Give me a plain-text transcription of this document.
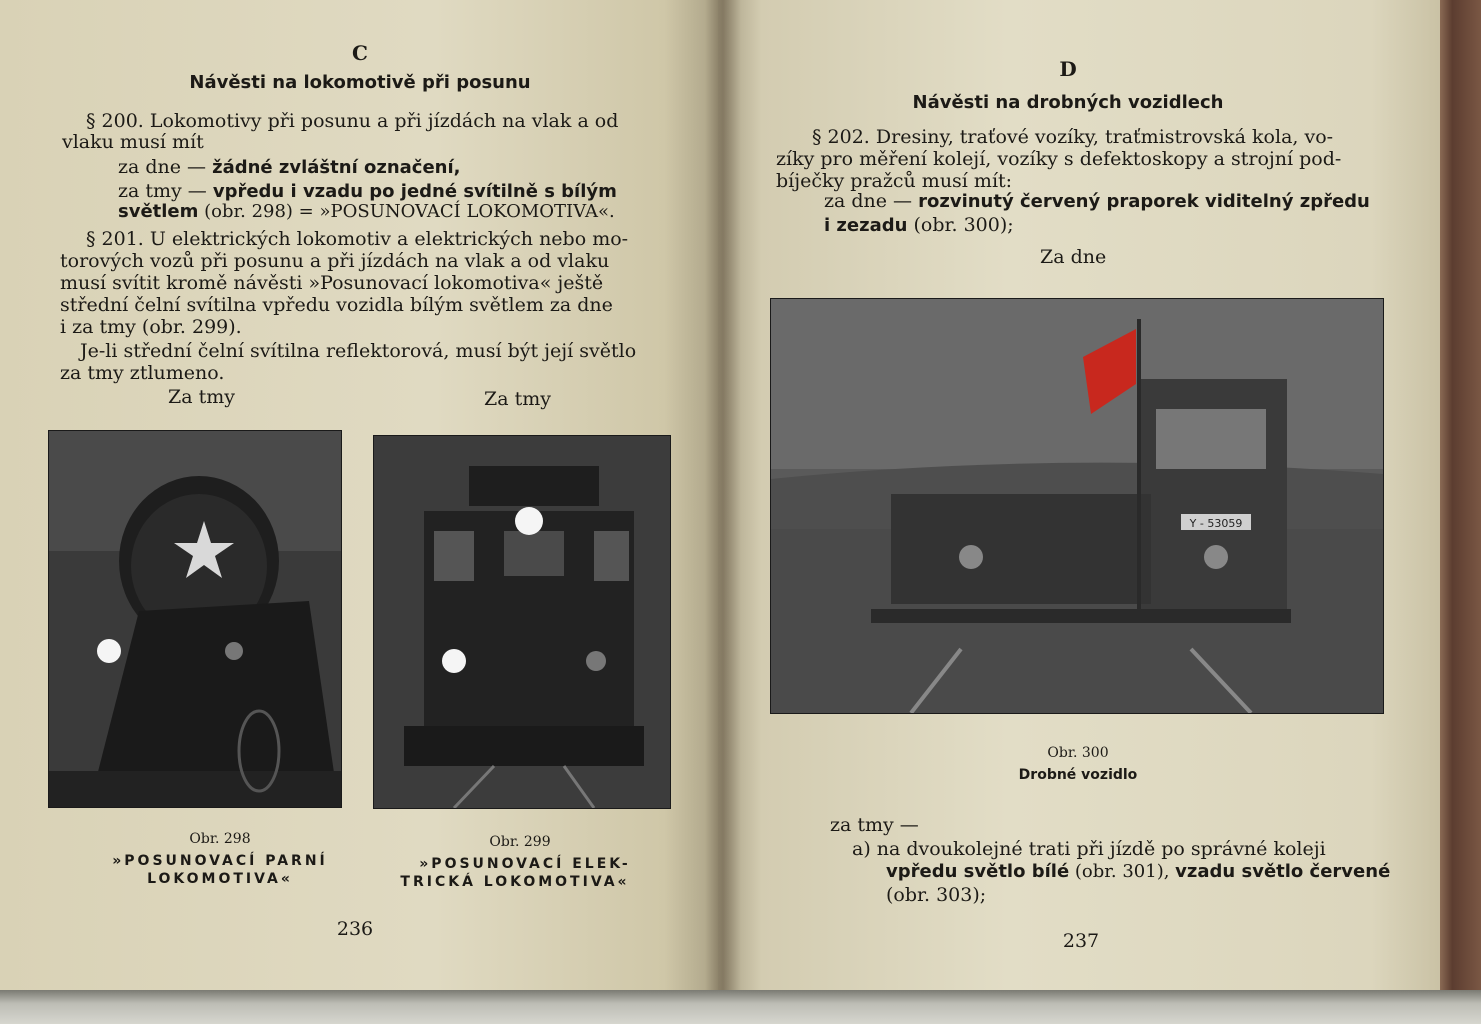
C
Návěsti na lokomotivě při posunu
§ 200. Lokomotivy při posunu a při jízdách na vlak a od
vlaku musí mít
za dne — žádné zvláštní označení,
za tmy — vpředu i vzadu po jedné svítilně s bílým
světlem (obr. 298) = »POSUNOVACÍ LOKOMOTIVA«.
§ 201. U elektrických lokomotiv a elektrických nebo mo-
torových vozů při posunu a při jízdách na vlak a od vlaku
musí svítit kromě návěsti »Posunovací lokomotiva« ještě
střední čelní svítilna vpředu vozidla bílým světlem za dne
i za tmy (obr. 299).
Je-li střední čelní svítilna reflektorová, musí být její světlo
za tmy ztlumeno.
Za tmy	Za tmy
Obr. 298
»POSUNOVACÍ PARNÍ
LOKOMOTIVA«
Obr. 299
»POSUNOVACÍ ELEK-
TRICKÁ LOKOMOTIVA«
236
D
Návěsti na drobných vozidlech
§ 202. Dresiny, traťové vozíky, traťmistrovská kola, vo-
zíky pro měření kolejí, vozíky s defektoskopy a strojní pod-
bíječky pražců musí mít:
za dne — rozvinutý červený praporek viditelný zpředu
i zezadu (obr. 300);
Za dne
Y - 53059
Obr. 300
Drobné vozidlo
za tmy —
a) na dvoukolejné trati při jízdě po správné koleji
vpředu světlo bílé (obr. 301), vzadu světlo červené
(obr. 303);
237
